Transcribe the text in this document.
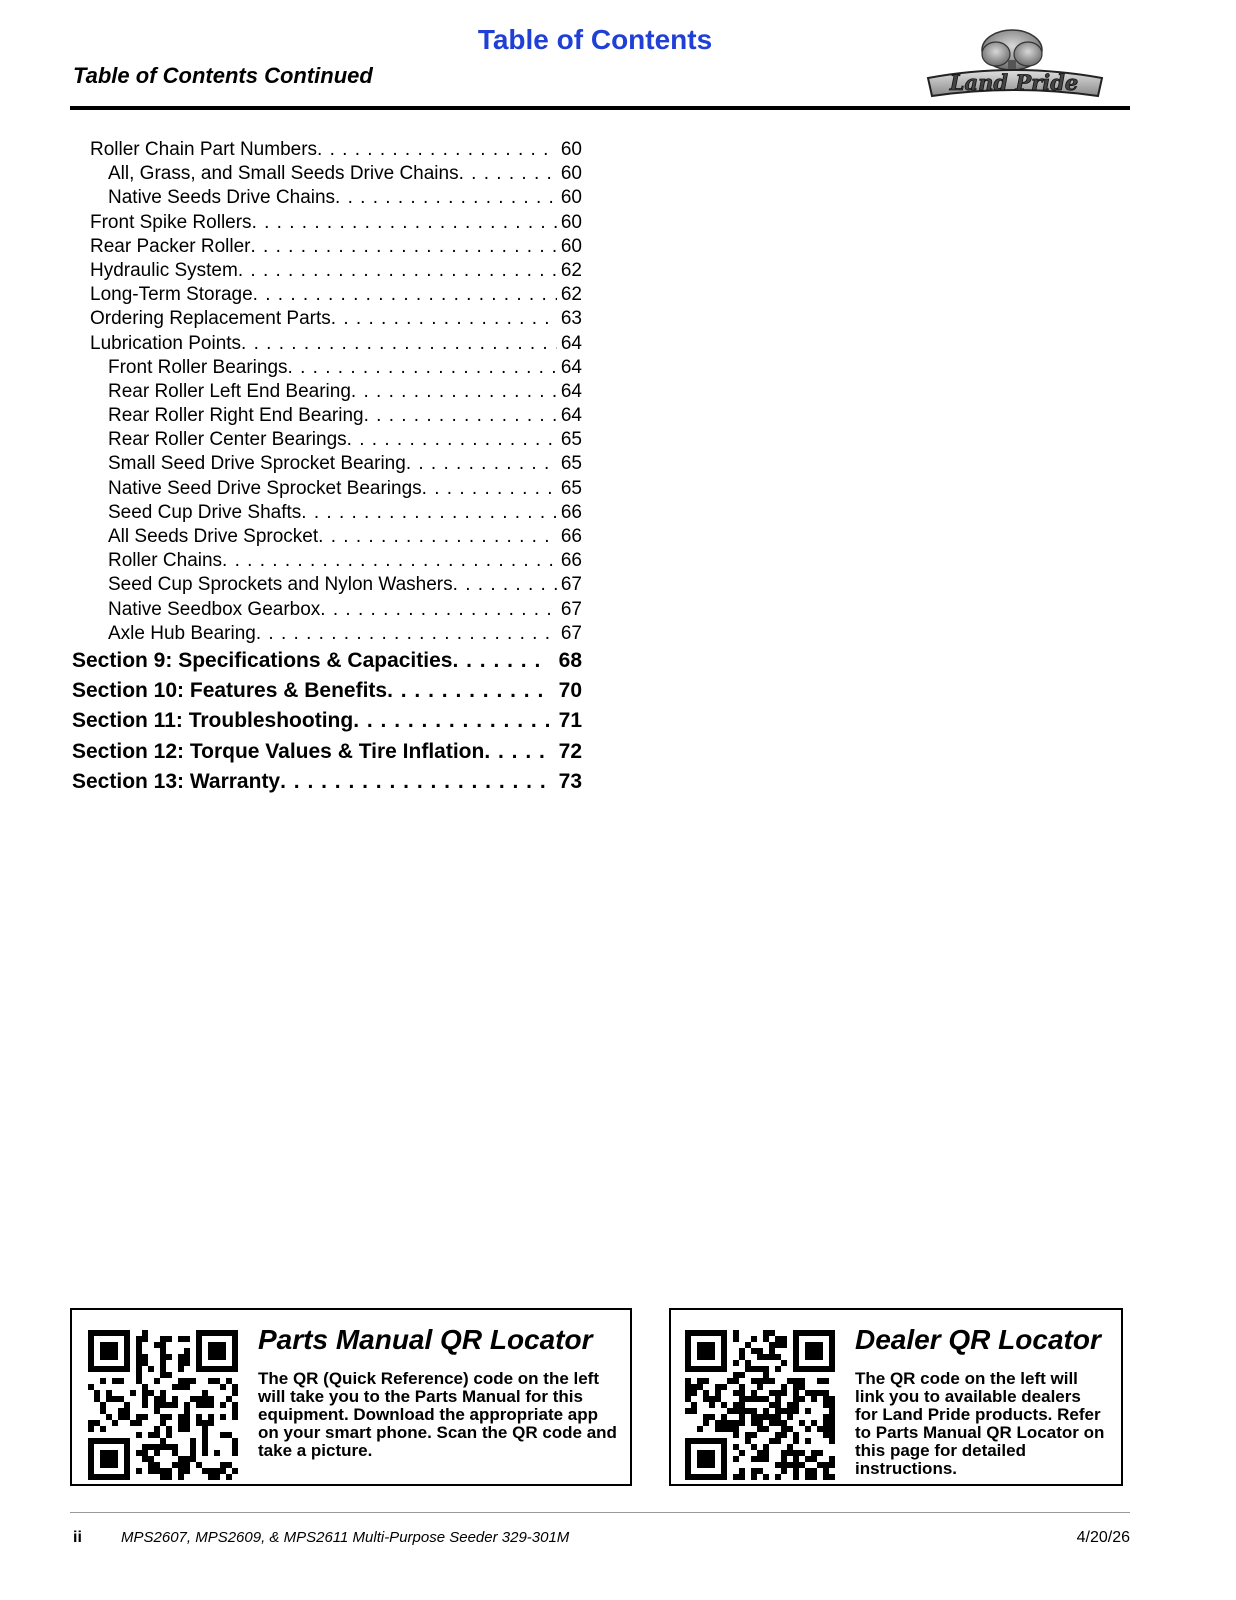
Table of Contents
Table of Contents Continued	Land Pride
Roller Chain Part Numbers . . .	60
All, Grass, and Small Seeds Drive Chains . . .	60
Native Seeds Drive Chains . . .	60
Front Spike Rollers . . .	60
Rear Packer Roller . . .	60
Hydraulic System . . .	62
Long-Term Storage . . .	62
Ordering Replacement Parts . . .	63
Lubrication Points . . .	64
Front Roller Bearings . . .	64
Rear Roller Left End Bearing . . .	64
Rear Roller Right End Bearing . . .	64
Rear Roller Center Bearings . . .	65
Small Seed Drive Sprocket Bearing . . .	65
Native Seed Drive Sprocket Bearings . . .	65
Seed Cup Drive Shafts . . .	66
All Seeds Drive Sprocket . . .	66
Roller Chains . . .	66
Seed Cup Sprockets and Nylon Washers . . .	67
Native Seedbox Gearbox . . .	67
Axle Hub Bearing . . .	67
Section 9: Specifications & Capacities . . .	68
Section 10: Features & Benefits . . .	70
Section 11: Troubleshooting . . .	71
Section 12: Torque Values & Tire Inflation . . .	72
Section 13: Warranty . . .	73
Parts Manual QR Locator
The QR (Quick Reference) code on the left will take you to the Parts Manual for this equipment. Download the appropriate app on your smart phone. Scan the QR code and take a picture.
Dealer QR Locator
The QR code on the left will link you to available dealers for Land Pride products. Refer to Parts Manual QR Locator on this page for detailed instructions.
ii	MPS2607, MPS2609, & MPS2611 Multi-Purpose Seeder 329-301M	4/20/26
